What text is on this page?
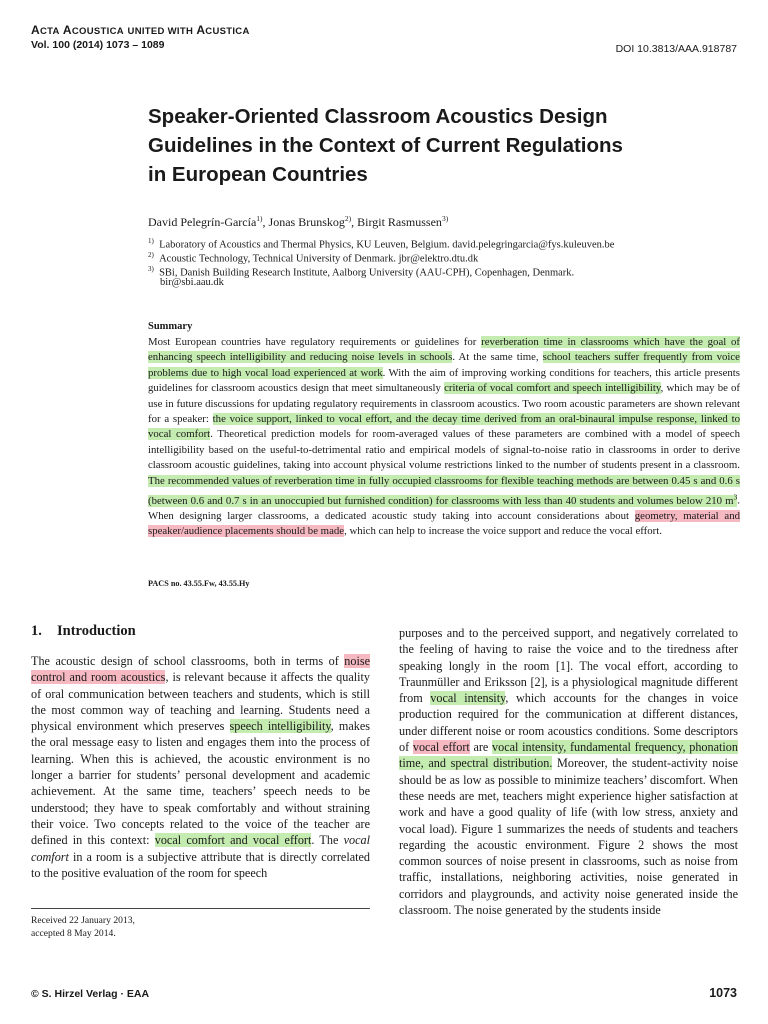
ACTA ACOUSTICA UNITED WITH ACUSTICA
Vol. 100 (2014) 1073 – 1089	DOI 10.3813/AAA.918787
Speaker-Oriented Classroom Acoustics Design
Guidelines in the Context of Current Regulations
in European Countries
David Pelegrín-García$^{1)}$, Jonas Brunskog$^{2)}$, Birgit Rasmussen$^{3)}$
$^{1)}$ Laboratory of Acoustics and Thermal Physics, KU Leuven, Belgium. david.pelegringarcia@fys.kuleuven.be
$^{2)}$ Acoustic Technology, Technical University of Denmark. jbr@elektro.dtu.dk
$^{3)}$ SBi, Danish Building Research Institute, Aalborg University (AAU-CPH), Copenhagen, Denmark.
bir@sbi.aau.dk
Summary
Most European countries have regulatory requirements or guidelines for reverberation time in classrooms which have the goal of enhancing speech intelligibility and reducing noise levels in schools. At the same time, school teachers suffer frequently from voice problems due to high vocal load experienced at work. With the aim of improving working conditions for teachers, this article presents guidelines for classroom acoustics design that meet simultaneously criteria of vocal comfort and speech intelligibility, which may be of use in future discussions for updating regulatory requirements in classroom acoustics. Two room acoustic parameters are shown relevant for a speaker: the voice support, linked to vocal effort, and the decay time derived from an oral-binaural impulse response, linked to vocal comfort. Theoretical prediction models for room-averaged values of these parameters are combined with a model of speech intelligibility based on the useful-to-detrimental ratio and empirical models of signal-to-noise ratio in classrooms in order to derive classroom acoustic guidelines, taking into account physical volume restrictions linked to the number of students present in a classroom. The recommended values of reverberation time in fully occupied classrooms for flexible teaching methods are between 0.45 s and 0.6 s (between 0.6 and 0.7 s in an unoccupied but furnished condition) for classrooms with less than 40 students and volumes below 210 $m^3$. When designing larger classrooms, a dedicated acoustic study taking into account considerations about geometry, material and speaker/audience placements should be made, which can help to increase the voice support and reduce the vocal effort.
PACS no. 43.55.Fw, 43.55.Hy
1. Introduction
The acoustic design of school classrooms, both in terms of noise control and room acoustics, is relevant because it affects the quality of oral communication between teachers and students, which is still the most common way of teaching and learning. Students need a physical environment which preserves speech intelligibility, makes the oral message easy to listen and engages them into the process of learning. When this is achieved, the acoustic environment is no longer a barrier for students’ personal development and academic achievement. At the same time, teachers’ speech needs to be understood; they have to speak comfortably and without straining their voice. Two concepts related to the voice of the teacher are defined in this context: vocal comfort and vocal effort. The vocal comfort in a room is a subjective attribute that is directly correlated to the positive evaluation of the room for speech
purposes and to the perceived support, and negatively correlated to the feeling of having to raise the voice and to the tiredness after speaking longly in the room [1]. The vocal effort, according to Traunmüller and Eriksson [2], is a physiological magnitude different from vocal intensity, which accounts for the changes in voice production required for the communication at different distances, under different noise or room acoustics conditions. Some descriptors of vocal effort are vocal intensity, fundamental frequency, phonation time, and spectral distribution. Moreover, the student-activity noise should be as low as possible to minimize teachers’ discomfort. When these needs are met, teachers might experience higher satisfaction at work and have a good quality of life (with low stress, anxiety and vocal load). Figure 1 summarizes the needs of students and teachers regarding the acoustic environment. Figure 2 shows the most common sources of noise present in classrooms, such as noise from traffic, installations, neighboring activities, noise generated in corridors and playgrounds, and activity noise generated inside the classroom. The noise generated by the students inside
Received 22 January 2013,
accepted 8 May 2014.
© S. Hirzel Verlag · EAA	1073
